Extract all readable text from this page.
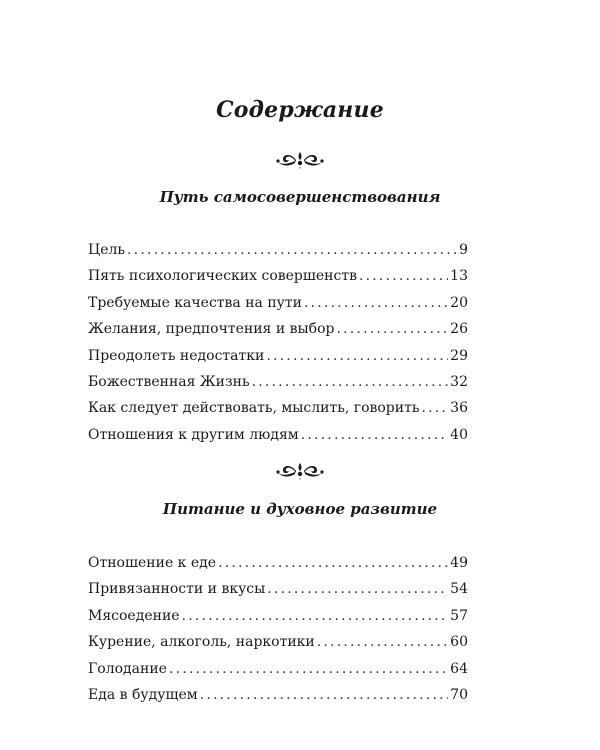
Содержание
Путь самосовершенствования
Цель .....	9
Пять психологических совершенств .....	13
Требуемые качества на пути .....	20
Желания, предпочтения и выбор .....	26
Преодолеть недостатки .....	29
Божественная Жизнь .....	32
Как следует действовать, мыслить, говорить ..... 36
Отношения к другим людям .....	40
Питание и духовное развитие
Отношение к еде .....	49
Привязанности и вкусы .....	54
Мясоедение .....	57
Курение, алкоголь, наркотики .....	60
Голодание .....	64
Еда в будущем .....	70
